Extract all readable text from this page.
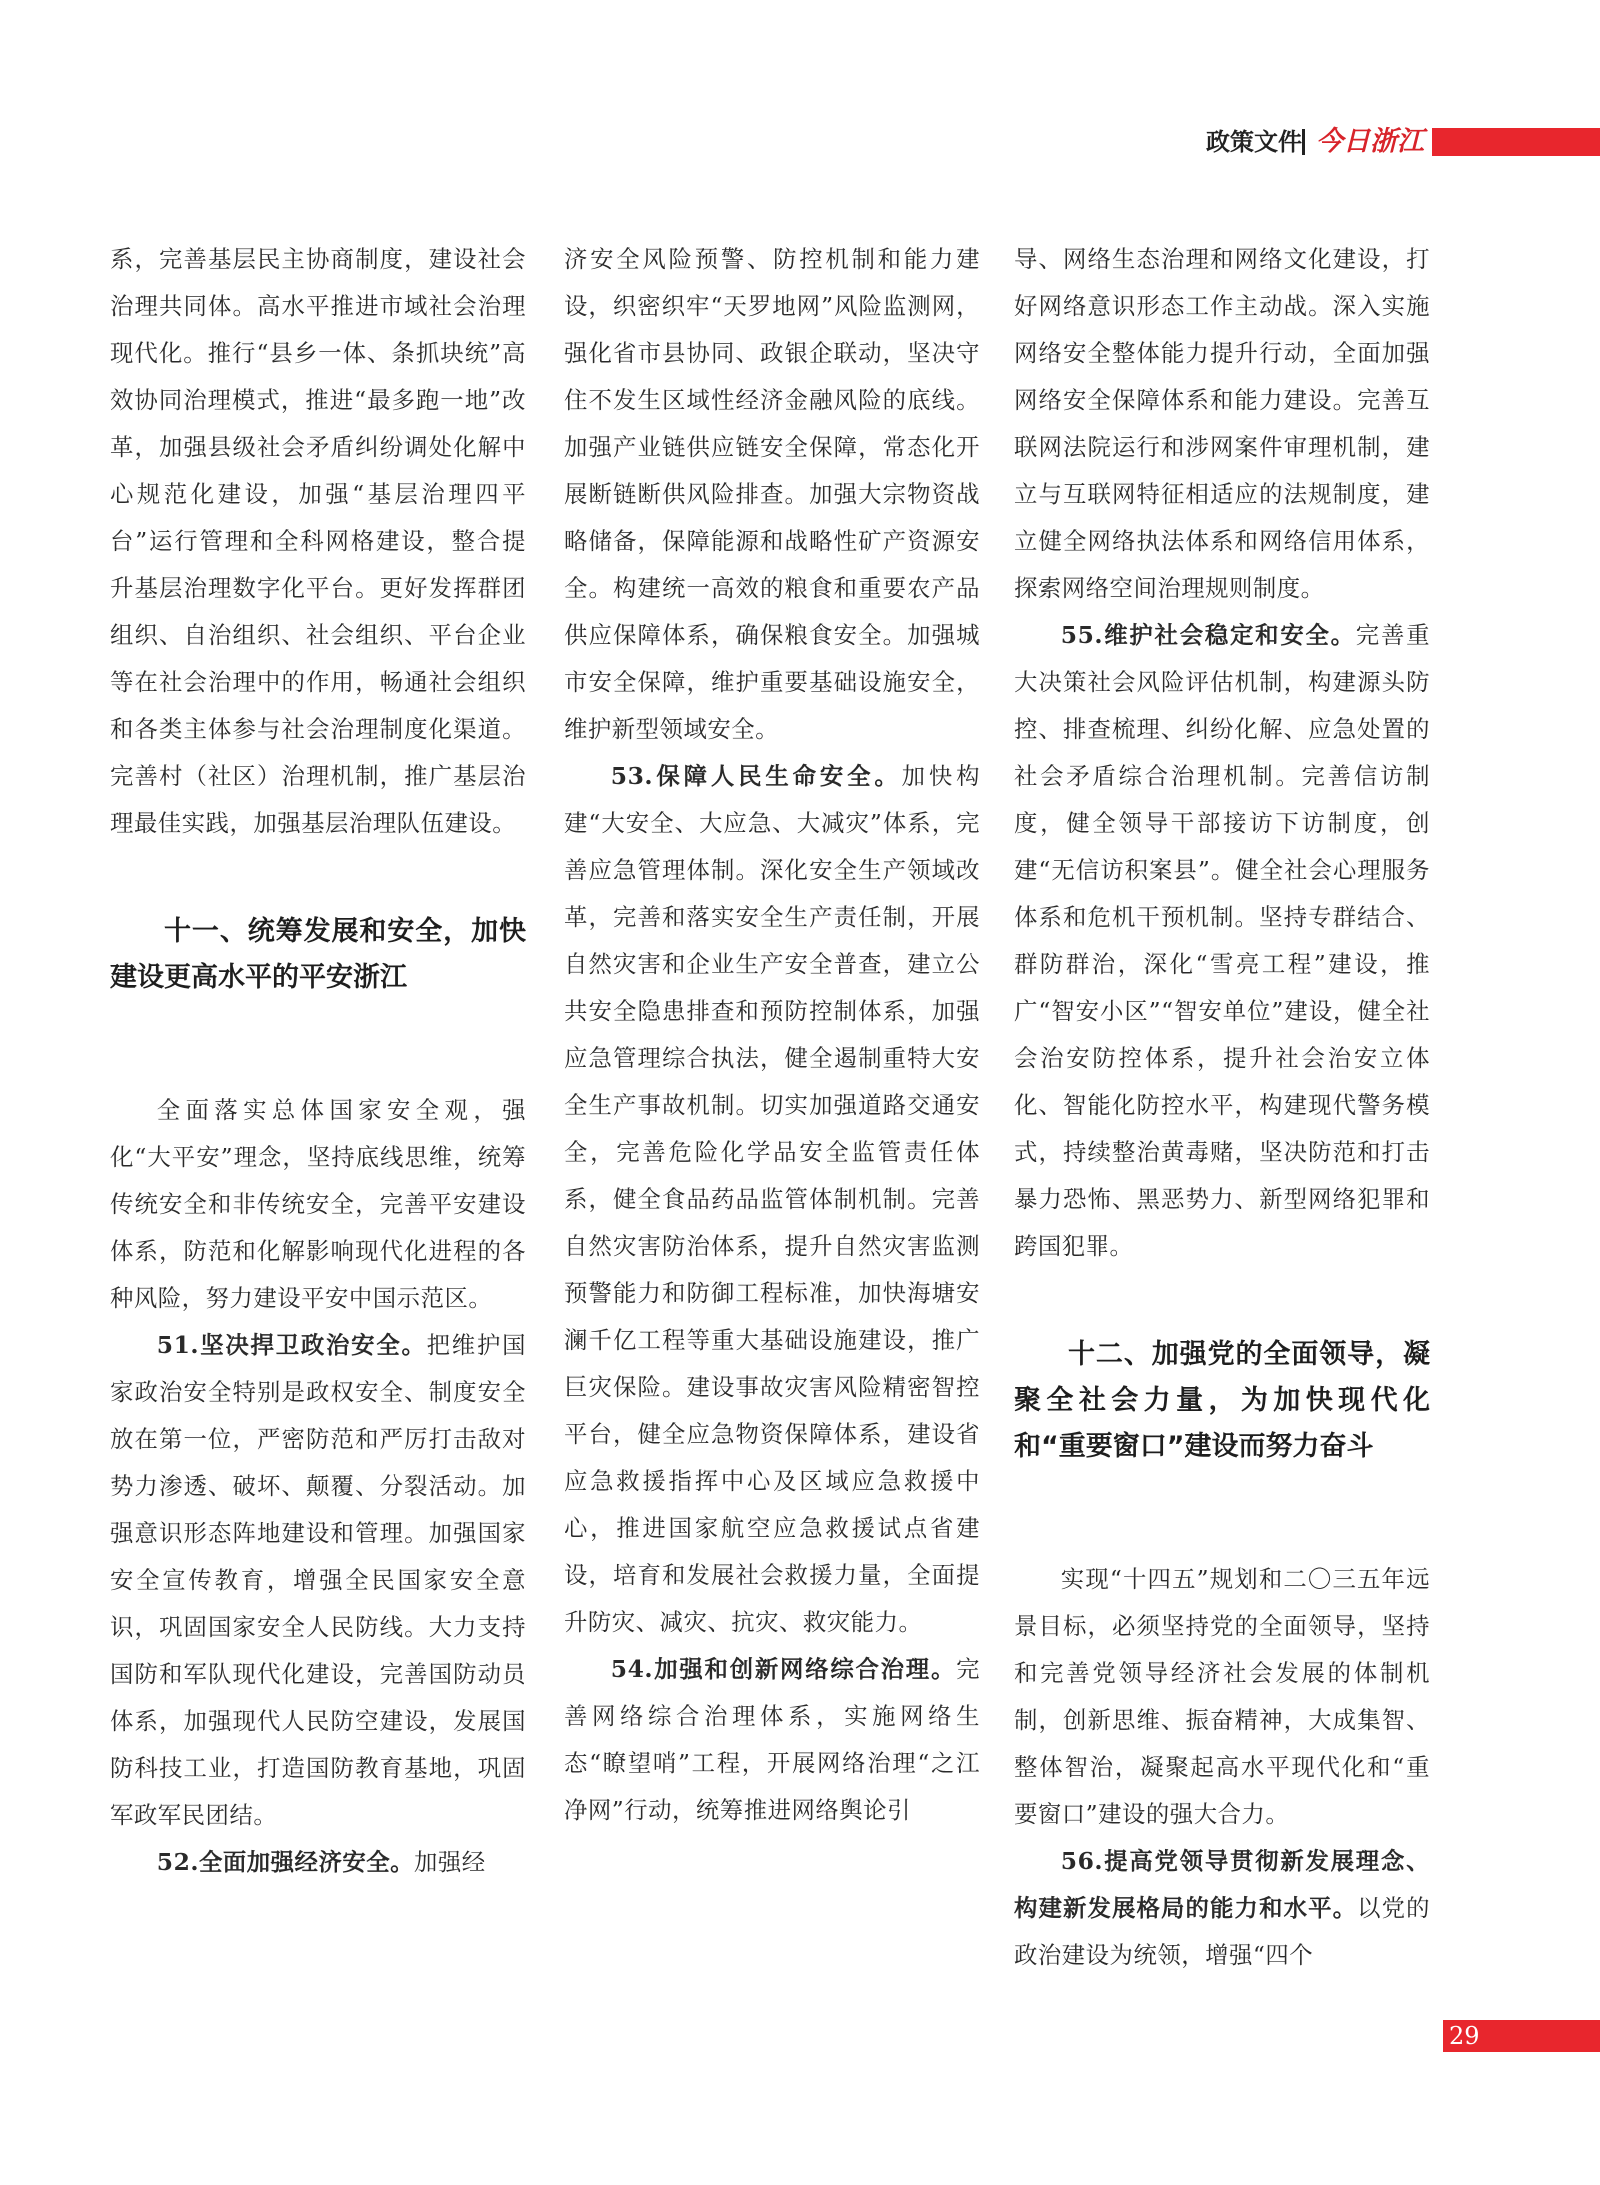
政策文件 今日浙江

系，完善基层民主协商制度，建设社会治理共同体。高水平推进市域社会治理现代化。推行“县乡一体、条抓块统”高效协同治理模式，推进“最多跑一地”改革，加强县级社会矛盾纠纷调处化解中心规范化建设，加强“基层治理四平台”运行管理和全科网格建设，整合提升基层治理数字化平台。更好发挥群团组织、自治组织、社会组织、平台企业等在社会治理中的作用，畅通社会组织和各类主体参与社会治理制度化渠道。完善村（社区）治理机制，推广基层治理最佳实践，加强基层治理队伍建设。

十一、统筹发展和安全，加快建设更高水平的平安浙江

全面落实总体国家安全观，强化“大平安”理念，坚持底线思维，统筹传统安全和非传统安全，完善平安建设体系，防范和化解影响现代化进程的各种风险，努力建设平安中国示范区。

51.坚决捍卫政治安全。把维护国家政治安全特别是政权安全、制度安全放在第一位，严密防范和严厉打击敌对势力渗透、破坏、颠覆、分裂活动。加强意识形态阵地建设和管理。加强国家安全宣传教育，增强全民国家安全意识，巩固国家安全人民防线。大力支持国防和军队现代化建设，完善国防动员体系，加强现代人民防空建设，发展国防科技工业，打造国防教育基地，巩固军政军民团结。

52.全面加强经济安全。加强经

济安全风险预警、防控机制和能力建设，织密织牢“天罗地网”风险监测网，强化省市县协同、政银企联动，坚决守住不发生区域性经济金融风险的底线。加强产业链供应链安全保障，常态化开展断链断供风险排查。加强大宗物资战略储备，保障能源和战略性矿产资源安全。构建统一高效的粮食和重要农产品供应保障体系，确保粮食安全。加强城市安全保障，维护重要基础设施安全，维护新型领域安全。

53.保障人民生命安全。加快构建“大安全、大应急、大减灾”体系，完善应急管理体制。深化安全生产领域改革，完善和落实安全生产责任制，开展自然灾害和企业生产安全普查，建立公共安全隐患排查和预防控制体系，加强应急管理综合执法，健全遏制重特大安全生产事故机制。切实加强道路交通安全，完善危险化学品安全监管责任体系，健全食品药品监管体制机制。完善自然灾害防治体系，提升自然灾害监测预警能力和防御工程标准，加快海塘安澜千亿工程等重大基础设施建设，推广巨灾保险。建设事故灾害风险精密智控平台，健全应急物资保障体系，建设省应急救援指挥中心及区域应急救援中心，推进国家航空应急救援试点省建设，培育和发展社会救援力量，全面提升防灾、减灾、抗灾、救灾能力。

54.加强和创新网络综合治理。完善网络综合治理体系，实施网络生态“瞭望哨”工程，开展网络治理“之江净网”行动，统筹推进网络舆论引

导、网络生态治理和网络文化建设，打好网络意识形态工作主动战。深入实施网络安全整体能力提升行动，全面加强网络安全保障体系和能力建设。完善互联网法院运行和涉网案件审理机制，建立与互联网特征相适应的法规制度，建立健全网络执法体系和网络信用体系，探索网络空间治理规则制度。

55.维护社会稳定和安全。完善重大决策社会风险评估机制，构建源头防控、排查梳理、纠纷化解、应急处置的社会矛盾综合治理机制。完善信访制度，健全领导干部接访下访制度，创建“无信访积案县”。健全社会心理服务体系和危机干预机制。坚持专群结合、群防群治，深化“雪亮工程”建设，推广“智安小区”“智安单位”建设，健全社会治安防控体系，提升社会治安立体化、智能化防控水平，构建现代警务模式，持续整治黄毒赌，坚决防范和打击暴力恐怖、黑恶势力、新型网络犯罪和跨国犯罪。

十二、加强党的全面领导，凝聚全社会力量，为加快现代化和“重要窗口”建设而努力奋斗

实现“十四五”规划和二〇三五年远景目标，必须坚持党的全面领导，坚持和完善党领导经济社会发展的体制机制，创新思维、振奋精神，大成集智、整体智治，凝聚起高水平现代化和“重要窗口”建设的强大合力。

56.提高党领导贯彻新发展理念、构建新发展格局的能力和水平。以党的政治建设为统领，增强“四个

29
